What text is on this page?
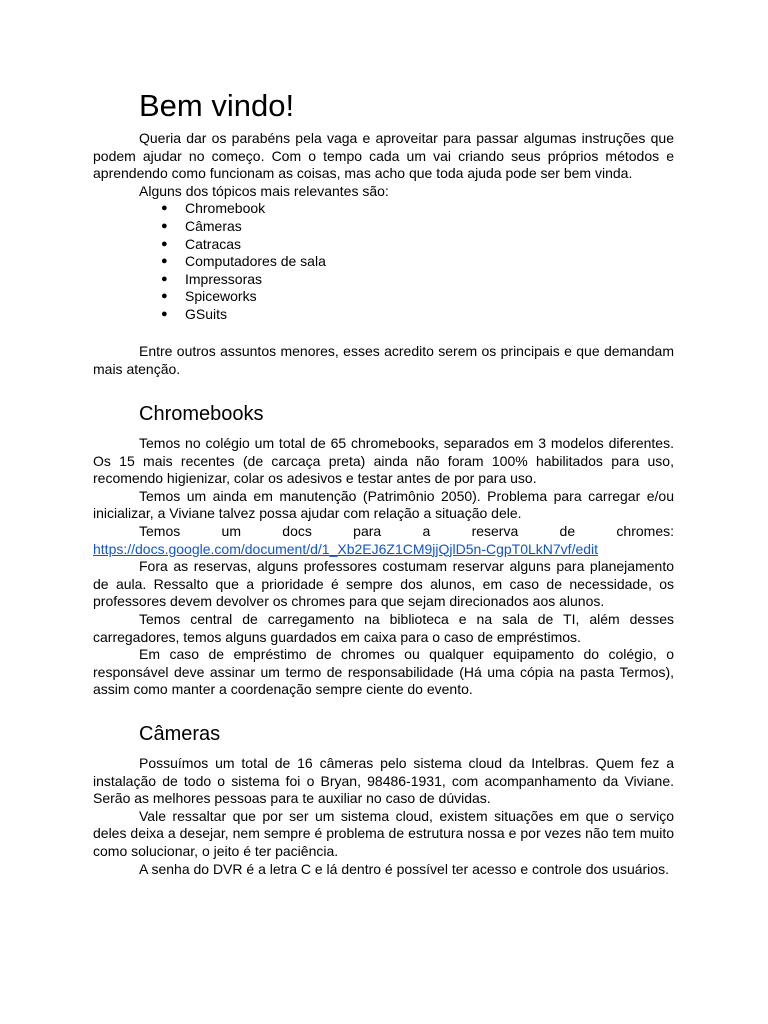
Bem vindo!

Queria dar os parabéns pela vaga e aproveitar para passar algumas instruções que podem ajudar no começo. Com o tempo cada um vai criando seus próprios métodos e aprendendo como funcionam as coisas, mas acho que toda ajuda pode ser bem vinda.

Alguns dos tópicos mais relevantes são:

● Chromebook
● Câmeras
● Catracas
● Computadores de sala
● Impressoras
● Spiceworks
● GSuits

Entre outros assuntos menores, esses acredito serem os principais e que demandam mais atenção.

Chromebooks

Temos no colégio um total de 65 chromebooks, separados em 3 modelos diferentes. Os 15 mais recentes (de carcaça preta) ainda não foram 100% habilitados para uso, recomendo higienizar, colar os adesivos e testar antes de por para uso.

Temos um ainda em manutenção (Patrimônio 2050). Problema para carregar e/ou inicializar, a Viviane talvez possa ajudar com relação a situação dele.

Temos um docs para a reserva de chromes:

https://docs.google.com/document/d/1_Xb2EJ6Z1CM9jjQjlD5n-CgpT0LkN7vf/edit

Fora as reservas, alguns professores costumam reservar alguns para planejamento de aula. Ressalto que a prioridade é sempre dos alunos, em caso de necessidade, os professores devem devolver os chromes para que sejam direcionados aos alunos.

Temos central de carregamento na biblioteca e na sala de TI, além desses carregadores, temos alguns guardados em caixa para o caso de empréstimos.

Em caso de empréstimo de chromes ou qualquer equipamento do colégio, o responsável deve assinar um termo de responsabilidade (Há uma cópia na pasta Termos), assim como manter a coordenação sempre ciente do evento.

Câmeras

Possuímos um total de 16 câmeras pelo sistema cloud da Intelbras. Quem fez a instalação de todo o sistema foi o Bryan, 98486-1931, com acompanhamento da Viviane. Serão as melhores pessoas para te auxiliar no caso de dúvidas.

Vale ressaltar que por ser um sistema cloud, existem situações em que o serviço deles deixa a desejar, nem sempre é problema de estrutura nossa e por vezes não tem muito como solucionar, o jeito é ter paciência.

A senha do DVR é a letra C e lá dentro é possível ter acesso e controle dos usuários.
